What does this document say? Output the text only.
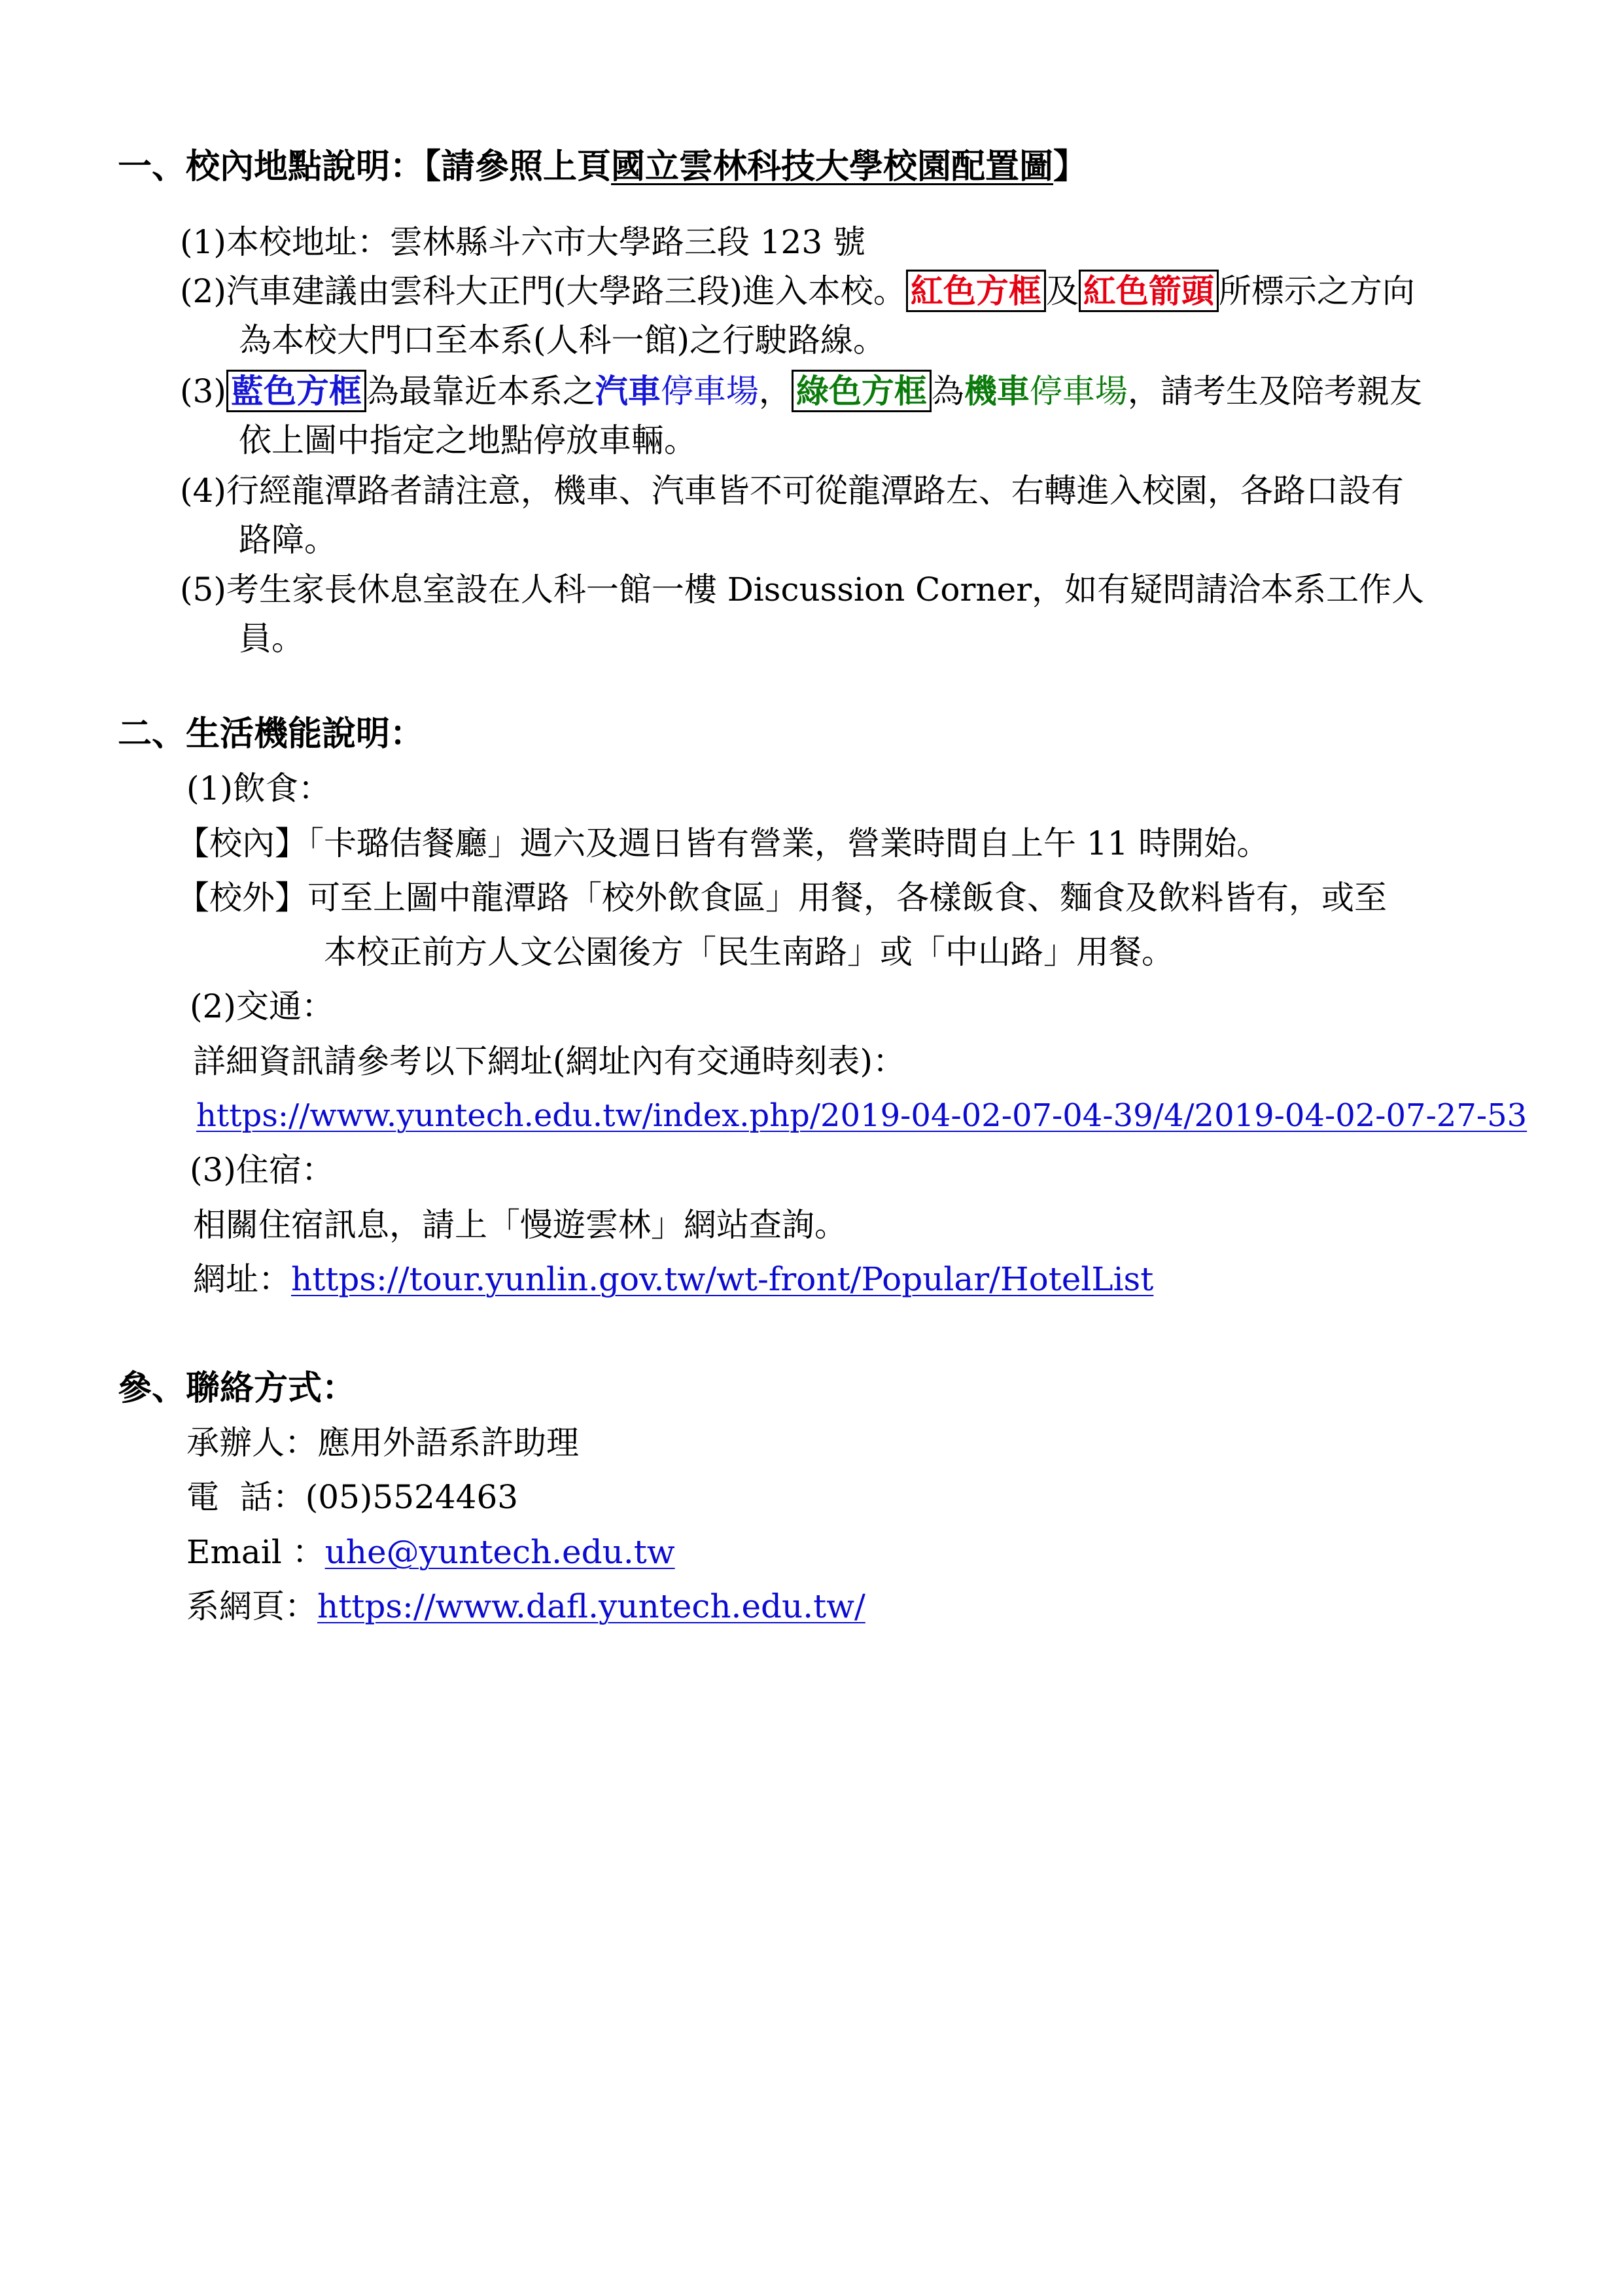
一、校內地點說明：【請參照上頁國立雲林科技大學校園配置圖】
(1)本校地址：雲林縣斗六市大學路三段 123 號
(2)汽車建議由雲科大正門(大學路三段)進入本校。 紅色方框 及 紅色箭頭 所標示之方向
為本校大門口至本系(人科一館)之行駛路線。
(3) 藍色方框 為最靠近本系之汽車停車場， 綠色方框 為機車停車場，請考生及陪考親友
依上圖中指定之地點停放車輛。
(4)行經龍潭路者請注意，機車、汽車皆不可從龍潭路左、右轉進入校園，各路口設有
路障。
(5)考生家長休息室設在人科一館一樓 Discussion Corner，如有疑問請洽本系工作人
員。
二、生活機能說明：
(1)飲食：
【校內】「卡璐佶餐廳」週六及週日皆有營業，營業時間自上午 11 時開始。
【校外】可至上圖中龍潭路「校外飲食區」用餐，各樣飯食、麵食及飲料皆有，或至
本校正前方人文公園後方「民生南路」或「中山路」用餐。
(2)交通：
詳細資訊請參考以下網址(網址內有交通時刻表)：
https://www.yuntech.edu.tw/index.php/2019-04-02-07-04-39/4/2019-04-02-07-27-53
(3)住宿：
相關住宿訊息，請上「慢遊雲林」網站查詢。
網址：https://tour.yunlin.gov.tw/wt-front/Popular/HotelList
參、聯絡方式：
承辦人：應用外語系許助理
電  話：(05)5524463
Email ：uhe@yuntech.edu.tw
系網頁：https://www.dafl.yuntech.edu.tw/
